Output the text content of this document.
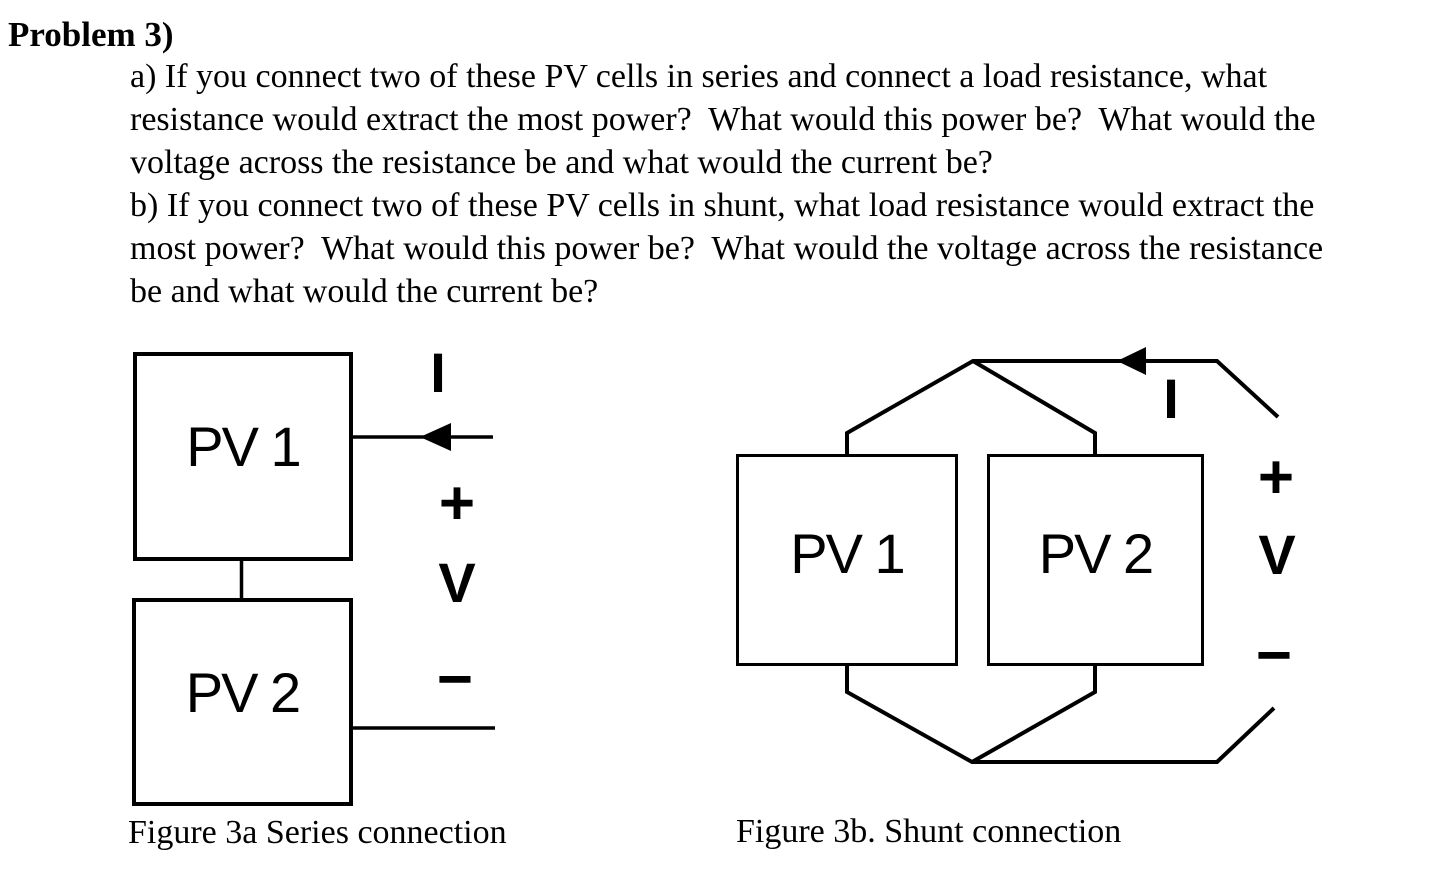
Problem 3)
a) If you connect two of these PV cells in series and connect a load resistance, what
resistance would extract the most power?  What would this power be?  What would the
voltage across the resistance be and what would the current be?
b) If you connect two of these PV cells in shunt, what load resistance would extract the
most power?  What would this power be?  What would the voltage across the resistance
be and what would the current be?
PV 1
PV 2
I
+
V
−
Figure 3a Series connection
PV 1 PV 2
I
+
V
−
Figure 3b. Shunt connection
